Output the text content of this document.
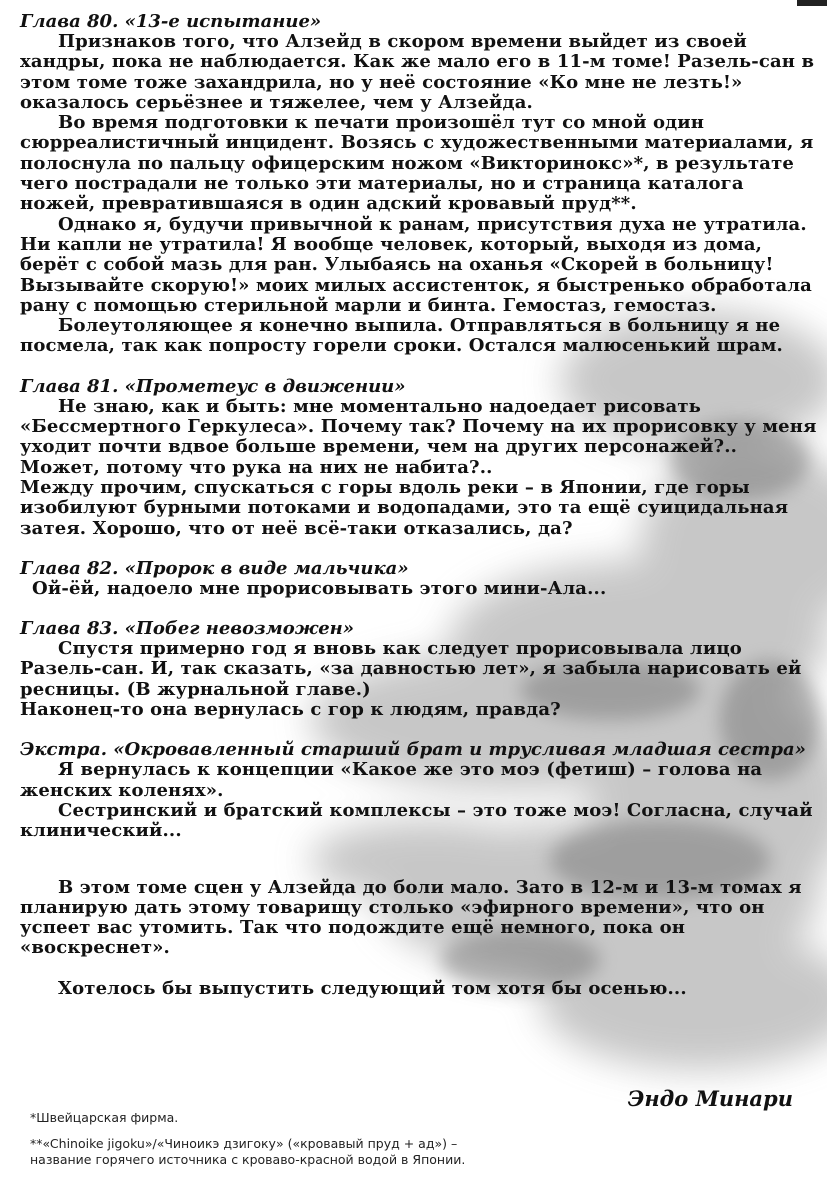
Глава 80. «13-е испытание»

Признаков того, что Алзейд в скором времени выйдет из своей хандры, пока не наблюдается. Как же мало его в 11-м томе! Разель-сан в этом томе тоже захандрила, но у неё состояние «Ко мне не лезть!» оказалось серьёзнее и тяжелее, чем у Алзейда.

Во время подготовки к печати произошёл тут со мной один сюрреалистичный инцидент. Возясь с художественными материалами, я полоснула по пальцу офицерским ножом «Викторинокс»*, в результате чего пострадали не только эти материалы, но и страница каталога ножей, превратившаяся в один адский кровавый пруд**.

Однако я, будучи привычной к ранам, присутствия духа не утратила. Ни капли не утратила! Я вообще человек, который, выходя из дома, берёт с собой мазь для ран. Улыбаясь на оханья «Скорей в больницу! Вызывайте скорую!» моих милых ассистенток, я быстренько обработала рану с помощью стерильной марли и бинта. Гемостаз, гемостаз.

Болеутоляющее я конечно выпила. Отправляться в больницу я не посмела, так как попросту горели сроки. Остался малюсенький шрам.

Глава 81. «Прометеус в движении»

Не знаю, как и быть: мне моментально надоедает рисовать «Бессмертного Геркулеса». Почему так? Почему на их прорисовку у меня уходит почти вдвое больше времени, чем на других персонажей?.. Может, потому что рука на них не набита?..

Между прочим, спускаться с горы вдоль реки – в Японии, где горы изобилуют бурными потоками и водопадами, это та ещё суицидальная затея. Хорошо, что от неё всё-таки отказались, да?

Глава 82. «Пророк в виде мальчика»

Ой-ёй, надоело мне прорисовывать этого мини-Ала...

Глава 83. «Побег невозможен»

Спустя примерно год я вновь как следует прорисовывала лицо Разель-сан. И, так сказать, «за давностью лет», я забыла нарисовать ей ресницы. (В журнальной главе.)

Наконец-то она вернулась с гор к людям, правда?

Экстра. «Окровавленный старший брат и трусливая младшая сестра»

Я вернулась к концепции «Какое же это моэ (фетиш) – голова на женских коленях».

Сестринский и братский комплексы – это тоже моэ! Согласна, случай клинический...

В этом томе сцен у Алзейда до боли мало. Зато в 12-м и 13-м томах я планирую дать этому товарищу столько «эфирного времени», что он успеет вас утомить. Так что подождите ещё немного, пока он «воскреснет».

Хотелось бы выпустить следующий том хотя бы осенью...

Эндо Минари

*Швейцарская фирма.

**«Chinoike jigoku»/«Чиноикэ дзигоку» («кровавый пруд + ад») –

название горячего источника с кроваво-красной водой в Японии.
